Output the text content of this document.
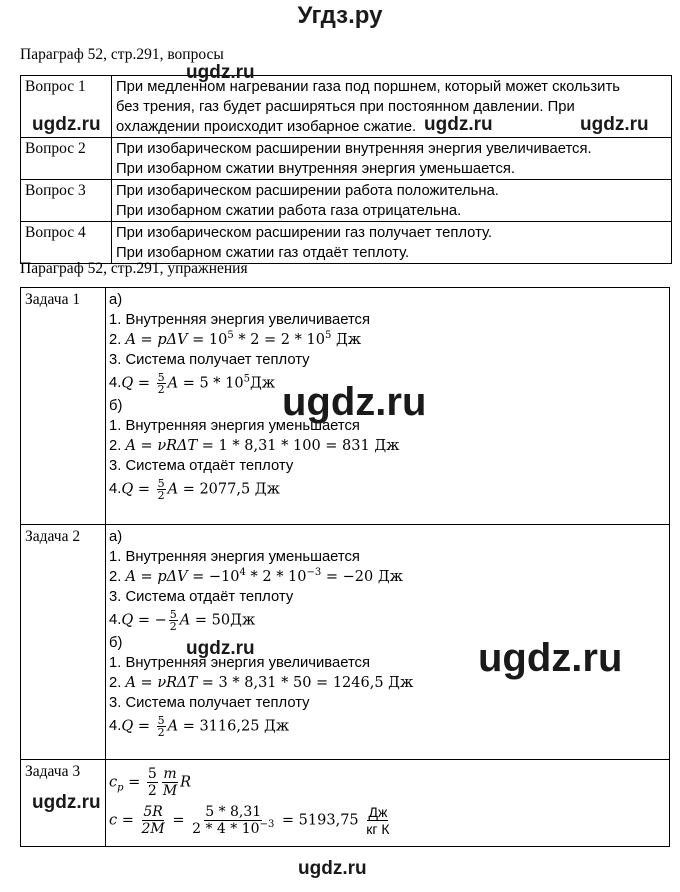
Угдз.ру
Параграф 52, стр.291, вопросы
Вопрос 1	При медленном нагревании газа под поршнем, который может скользить
без трения, газ будет расширяться при постоянном давлении. При
охлаждении происходит изобарное сжатие.

Вопрос 2	При изобарическом расширении внутренняя энергия увеличивается.
При изобарном сжатии внутренняя энергия уменьшается.

Вопрос 3	При изобарическом расширении работа положительна.
При изобарном сжатии работа газа отрицательна.

Вопрос 4	При изобарическом расширении газ получает теплоту.
При изобарном сжатии газ отдаёт теплоту.
Параграф 52, стр.291, упражнения
Задача 1	а)
1. Внутренняя энергия увеличивается
2. $A = p\Delta V = 10^5 * 2 = 2 * 10^5$ Дж
3. Система получает теплоту
4. $Q = \frac{5}{2}$ $A = 5 * 10^5Дж$
б)
1. Внутренняя энергия уменьшается
2. A = νRΔT = 1 * 8,31 * 100 = 831 Дж
3. Система отдаёт теплоту
4. $Q = \frac{5}{2}$ A = 2077,5 Дж

Задача 2	а)
1. Внутренняя энергия уменьшается
2. $A = p\Delta V = -10^4 * 2 * 10^{-3} = -20$ Дж
3. Система отдаёт теплоту
4. Q = − $\frac{5}{2}$ A = 50Дж
б)
1. Внутренняя энергия увеличивается
2. A = νRΔT = 3 * 8,31 * 50 = 1246,5 Дж
3. Система получает теплоту
4. $Q = \frac{5}{2}$ A = 3116,25 Дж

Задача 3	
$c_p = \frac{5}{2} \frac{m}{M}$ R
$c = \frac{5R}{2M} = \frac{5 * 8,31}{2 * 4 * 10^{-3}} = 5193,75 \frac{Дж}{\text{кг К}}$
ugdz.ru
ugdz.ru	ugdz.ru	ugdz.ru
ugdz.ru
ugdz.ru	ugdz.ru
ugdz.ru
ugdz.ru
